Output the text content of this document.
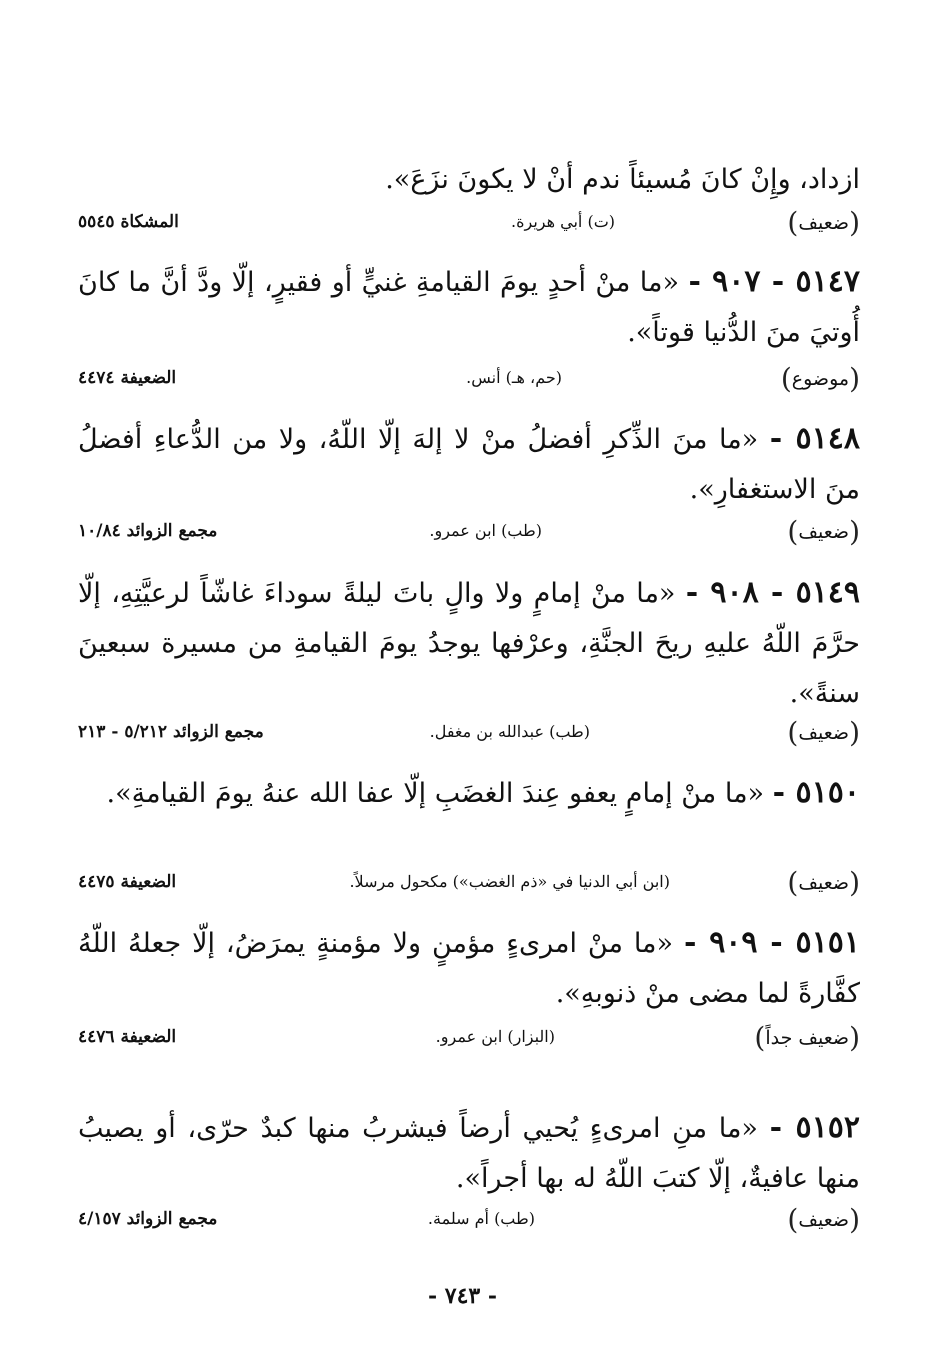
ازداد، وإِنْ كانَ مُسيئاً ندم أنْ لا يكونَ نزَعَ».
(ضعيف)
(ت) أبي هريرة.
المشكاة ٥٥٤٥
٥١٤٧ - ٩٠٧ - «ما منْ أحدٍ يومَ القيامةِ غنيٍّ أو فقيرٍ، إلّا ودَّ أنَّ ما كانَ أُوتيَ منَ الدُّنيا قوتاً».
(موضوع)
(حم، هـ) أنس.
الضعيفة ٤٤٧٤
٥١٤٨ - «ما منَ الذِّكرِ أفضلُ منْ لا إلهَ إلّا اللّهُ، ولا من الدُّعاءِ أفضلُ منَ الاستغفارِ».
(ضعيف)
(طب) ابن عمرو.
مجمع الزوائد ١٠/٨٤
٥١٤٩ - ٩٠٨ - «ما منْ إمامٍ ولا والٍ باتَ ليلةً سوداءَ غاشّاً لرعيَّتِهِ، إلّا حرَّمَ اللّهُ عليهِ ريحَ الجنَّةِ، وعرْفها يوجدُ يومَ القيامةِ من مسيرة سبعينَ سنةً».
(ضعيف)
(طب) عبدالله بن مغفل.
مجمع الزوائد ٥/٢١٢ - ٢١٣
٥١٥٠ - «ما منْ إمامٍ يعفو عِندَ الغضَبِ إلّا عفا الله عنهُ يومَ القيامةِ».
(ضعيف)
(ابن أبي الدنيا في «ذم الغضب») مكحول مرسلاً.
الضعيفة ٤٤٧٥
٥١٥١ - ٩٠٩ - «ما منْ امرىءٍ مؤمنٍ ولا مؤمنةٍ يمرَضُ، إلّا جعلهُ اللّهُ كفَّارةً لما مضى منْ ذنوبهِ».
(ضعيف جداً)
(البزار) ابن عمرو.
الضعيفة ٤٤٧٦
٥١٥٢ - «ما منِ امرىءٍ يُحيي أرضاً فيشربُ منها كبدٌ حرّى، أو يصيبُ منها عافيةٌ، إلّا كتبَ اللّهُ له بها أجراً».
(ضعيف)
(طب) أم سلمة.
مجمع الزوائد ٤/١٥٧
- ٧٤٣ -
